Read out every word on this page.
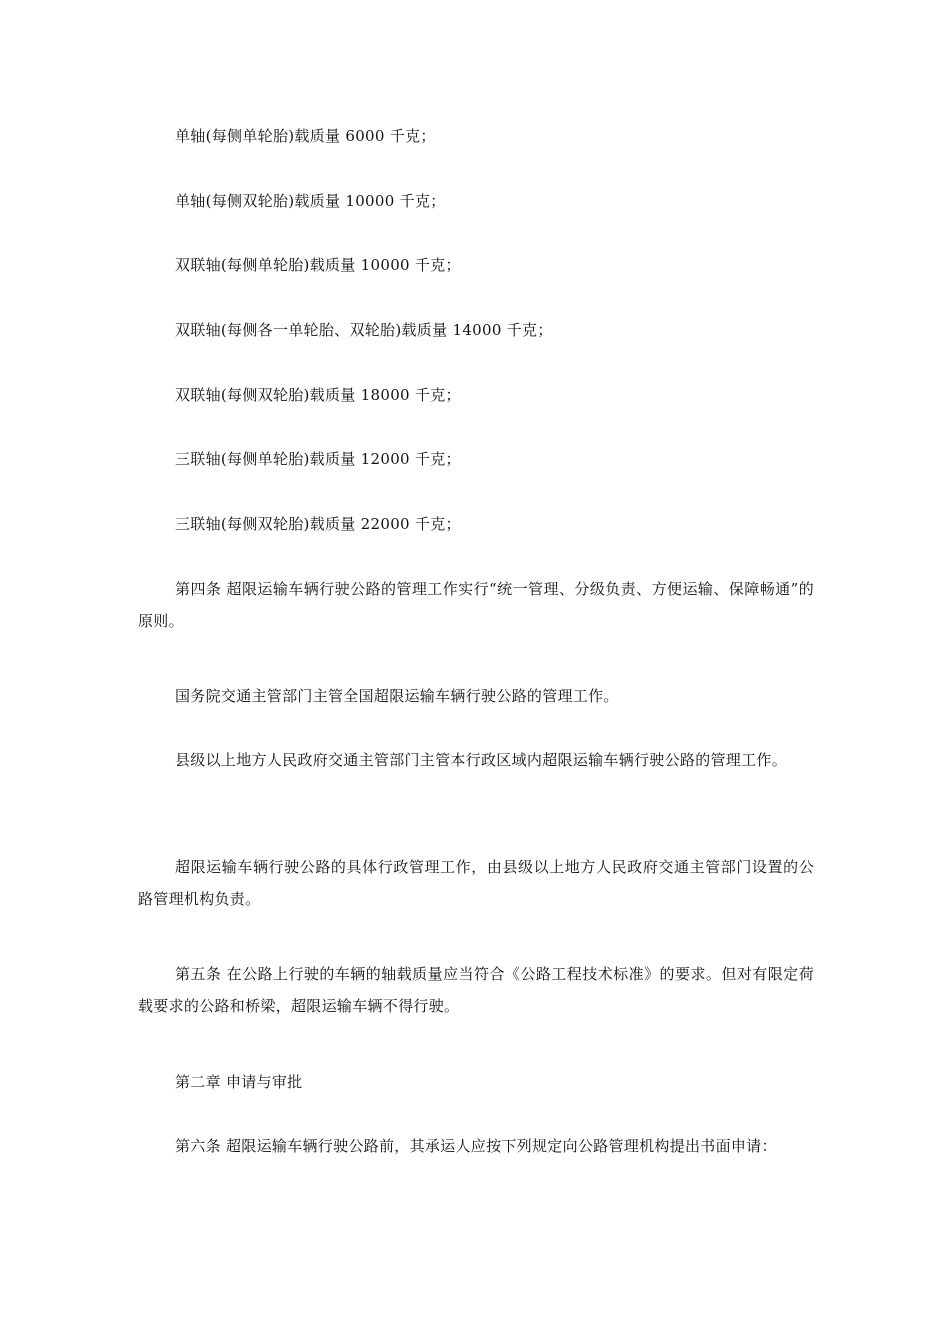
单轴(每侧单轮胎)载质量 6000 千克；
单轴(每侧双轮胎)载质量 10000 千克；
双联轴(每侧单轮胎)载质量 10000 千克；
双联轴(每侧各一单轮胎、双轮胎)载质量 14000 千克；
双联轴(每侧双轮胎)载质量 18000 千克；
三联轴(每侧单轮胎)载质量 12000 千克；
三联轴(每侧双轮胎)载质量 22000 千克；
第四条 超限运输车辆行驶公路的管理工作实行“统一管理、分级负责、方便运输、保障畅通”的原则。
国务院交通主管部门主管全国超限运输车辆行驶公路的管理工作。
县级以上地方人民政府交通主管部门主管本行政区域内超限运输车辆行驶公路的管理工作。
超限运输车辆行驶公路的具体行政管理工作，由县级以上地方人民政府交通主管部门设置的公路管理机构负责。
第五条 在公路上行驶的车辆的轴载质量应当符合《公路工程技术标准》的要求。但对有限定荷载要求的公路和桥梁，超限运输车辆不得行驶。
第二章 申请与审批
第六条 超限运输车辆行驶公路前，其承运人应按下列规定向公路管理机构提出书面申请：
